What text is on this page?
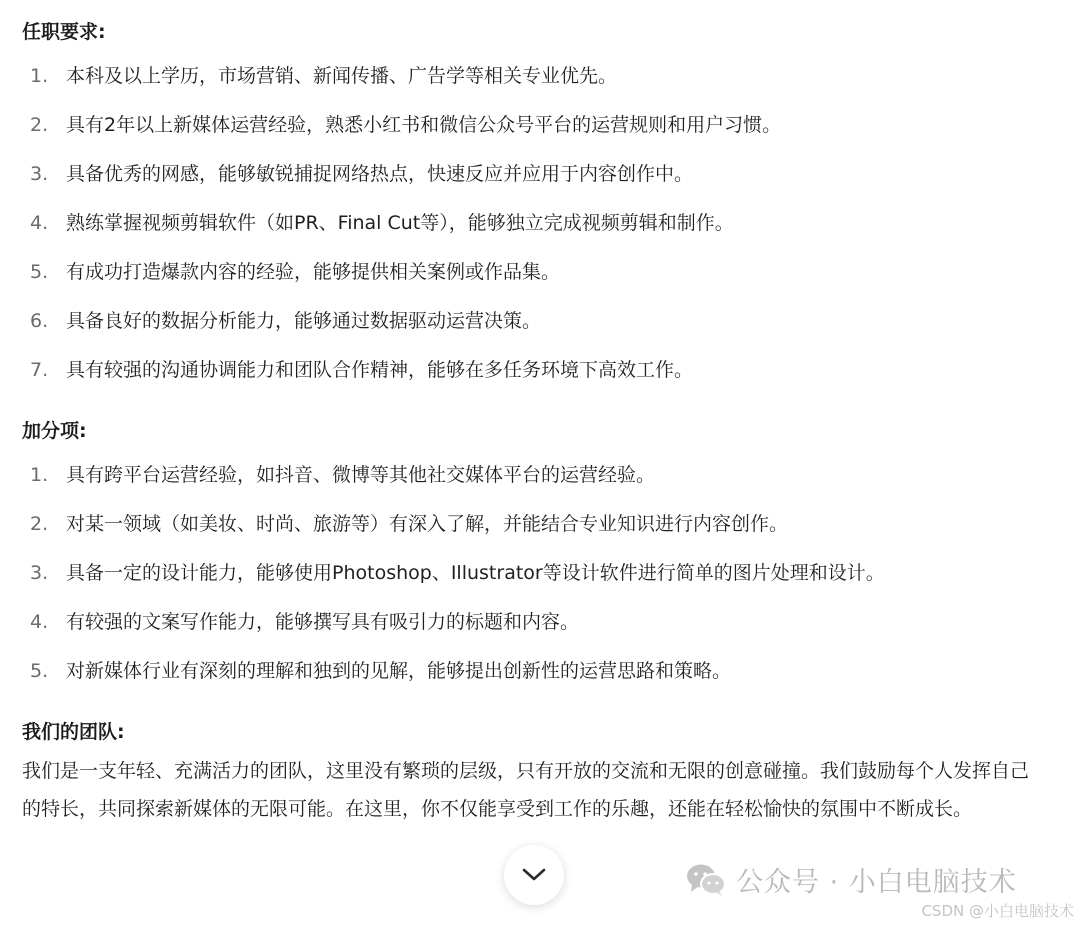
任职要求:
1. 本科及以上学历，市场营销、新闻传播、广告学等相关专业优先。
2. 具有2年以上新媒体运营经验，熟悉小红书和微信公众号平台的运营规则和用户习惯。
3. 具备优秀的网感，能够敏锐捕捉网络热点，快速反应并应用于内容创作中。
4. 熟练掌握视频剪辑软件（如PR、Final Cut等），能够独立完成视频剪辑和制作。
5. 有成功打造爆款内容的经验，能够提供相关案例或作品集。
6. 具备良好的数据分析能力，能够通过数据驱动运营决策。
7. 具有较强的沟通协调能力和团队合作精神，能够在多任务环境下高效工作。
加分项:
1. 具有跨平台运营经验，如抖音、微博等其他社交媒体平台的运营经验。
2. 对某一领域（如美妆、时尚、旅游等）有深入了解，并能结合专业知识进行内容创作。
3. 具备一定的设计能力，能够使用Photoshop、Illustrator等设计软件进行简单的图片处理和设计。
4. 有较强的文案写作能力，能够撰写具有吸引力的标题和内容。
5. 对新媒体行业有深刻的理解和独到的见解，能够提出创新性的运营思路和策略。
我们的团队:

我们是一支年轻、充满活力的团队，这里没有繁琐的层级，只有开放的交流和无限的创意碰撞。我们鼓励每个人发挥自己的特长，共同探索新媒体的无限可能。在这里，你不仅能享受到工作的乐趣，还能在轻松愉快的氛围中不断成长。

公众号 · 小白电脑技术
CSDN @小白电脑技术
